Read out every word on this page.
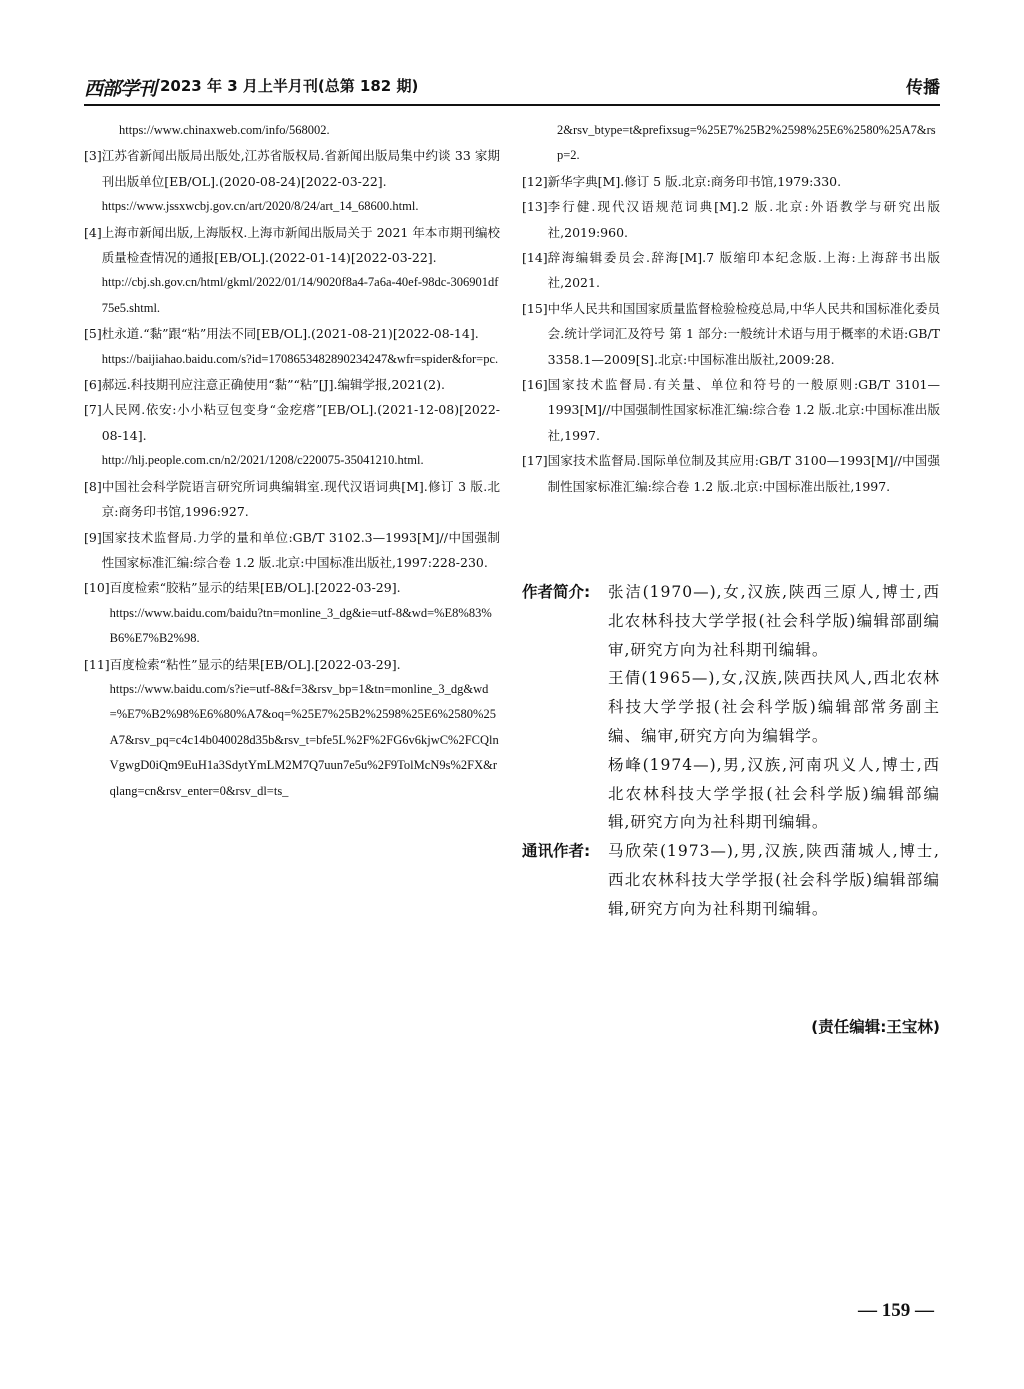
西部学刊 2023 年 3 月上半月刊(总第 182 期)	传播
https://www.chinaxweb.com/info/568002.
[3] 江苏省新闻出版局出版处,江苏省版权局.省新闻出版局集中约谈 33 家期刊出版单位[EB/OL].(2020-08-24)[2022-03-22].
https://www.jssxwcbj.gov.cn/art/2020/8/24/art_14_68600.html.
[4] 上海市新闻出版,上海版权.上海市新闻出版局关于 2021 年本市期刊编校质量检查情况的通报[EB/OL].(2022-01-14)[2022-03-22].
http://cbj.sh.gov.cn/html/gkml/2022/01/14/9020f8a4-7a6a-40ef-98dc-306901df75e5.shtml.
[5] 杜永道.“黏”跟“粘”用法不同[EB/OL].(2021-08-21)[2022-08-14].
https://baijiahao.baidu.com/s?id=1708653482890234247&wfr=spider&for=pc.
[6] 郝远.科技期刊应注意正确使用“黏”“粘”[J].编辑学报,2021(2).
[7] 人民网.依安:小小粘豆包变身“金疙瘩”[EB/OL].(2021-12-08)[2022-08-14].
http://hlj.people.com.cn/n2/2021/1208/c220075-35041210.html.
[8] 中国社会科学院语言研究所词典编辑室.现代汉语词典[M].修订 3 版.北京:商务印书馆,1996:927.
[9] 国家技术监督局.力学的量和单位:GB/T 3102.3—1993[M]//中国强制性国家标准汇编:综合卷 1.2 版.北京:中国标准出版社,1997:228-230.
[10] 百度检索“胶粘”显示的结果[EB/OL].[2022-03-29].
https://www.baidu.com/baidu?tn=monline_3_dg&ie=utf-8&wd=%E8%83%B6%E7%B2%98.
[11] 百度检索“粘性”显示的结果[EB/OL].[2022-03-29].
https://www.baidu.com/s?ie=utf-8&f=3&rsv_bp=1&tn=monline_3_dg&wd=%E7%B2%98%E6%80%A7&oq=%25E7%25B2%2598%25E6%2580%25A7&rsv_pq=c4c14b040028d35b&rsv_t=bfe5L%2F%2FG6v6kjwC%2FCQlnVgwgD0iQm9EuH1a3SdytYmLM2M7Q7uun7e5u%2F9TolMcN9s%2FX&rqlang=cn&rsv_enter=0&rsv_dl=ts_
2&rsv_btype=t&prefixsug=%25E7%25B2%2598%25E6%2580%25A7&rsp=2.
[12] 新华字典[M].修订 5 版.北京:商务印书馆,1979:330.
[13] 李行健.现代汉语规范词典[M].2 版.北京:外语教学与研究出版社,2019:960.
[14] 辞海编辑委员会.辞海[M].7 版缩印本纪念版.上海:上海辞书出版社,2021.
[15] 中华人民共和国国家质量监督检验检疫总局,中华人民共和国标准化委员会.统计学词汇及符号 第 1 部分:一般统计术语与用于概率的术语:GB/T 3358.1—2009[S].北京:中国标准出版社,2009:28.
[16] 国家技术监督局.有关量、单位和符号的一般原则:GB/T 3101—1993[M]//中国强制性国家标准汇编:综合卷 1.2 版.北京:中国标准出版社,1997.
[17] 国家技术监督局.国际单位制及其应用:GB/T 3100—1993[M]//中国强制性国家标准汇编:综合卷 1.2 版.北京:中国标准出版社,1997.
作者简介:	张洁(1970—),女,汉族,陕西三原人,博士,西北农林科技大学学报(社会科学版)编辑部副编审,研究方向为社科期刊编辑。
王倩(1965—),女,汉族,陕西扶风人,西北农林科技大学学报(社会科学版)编辑部常务副主编、编审,研究方向为编辑学。
杨峰(1974—),男,汉族,河南巩义人,博士,西北农林科技大学学报(社会科学版)编辑部编辑,研究方向为社科期刊编辑。
通讯作者:	马欣荣(1973—),男,汉族,陕西蒲城人,博士,西北农林科技大学学报(社会科学版)编辑部编辑,研究方向为社科期刊编辑。
(责任编辑:王宝林)
— 159 —
